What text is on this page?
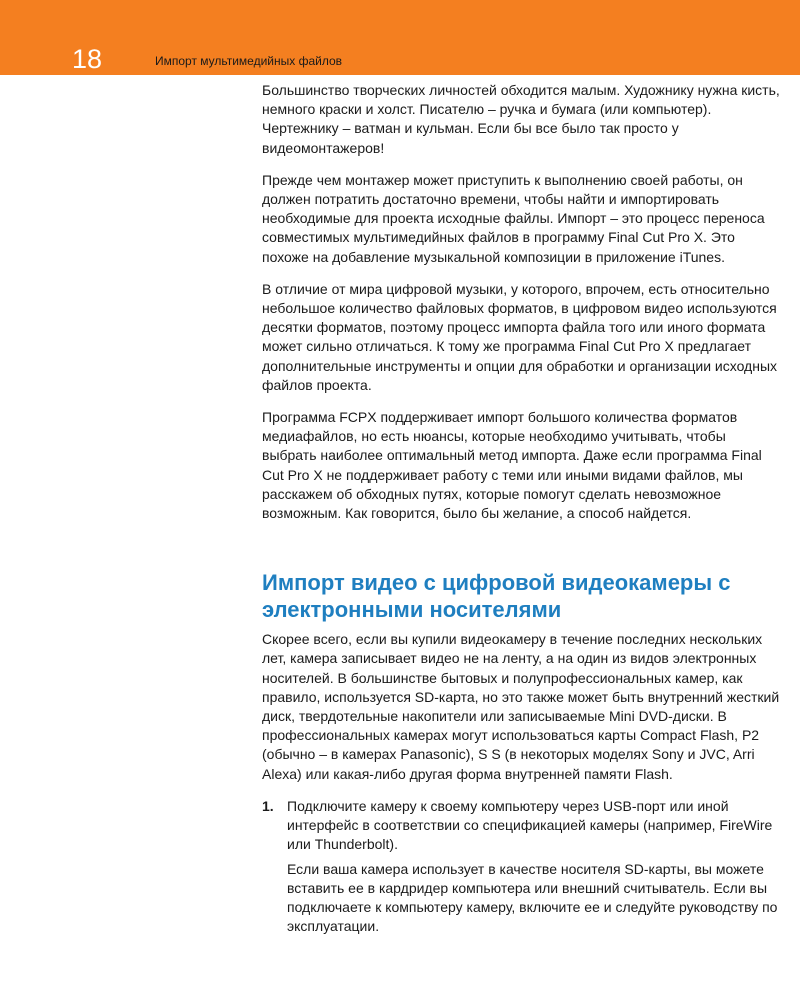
18	Импорт мультимедийных файлов

Большинство творческих личностей обходится малым. Художнику нужна кисть, немного краски и холст. Писателю – ручка и бумага (или компьютер). Чертежнику – ватман и кульман. Если бы все было так просто у видеомонтажеров!

Прежде чем монтажер может приступить к выполнению своей работы, он должен потратить достаточно времени, чтобы найти и импортировать необходимые для проекта исходные файлы. Импорт – это процесс переноса совместимых мультимедийных файлов в программу Final Cut Pro X. Это похоже на добавление музыкальной композиции в приложение iTunes.

В отличие от мира цифровой музыки, у которого, впрочем, есть относительно небольшое количество файловых форматов, в цифровом видео используются десятки форматов, поэтому процесс импорта файла того или иного формата может сильно отличаться. К тому же программа Final Cut Pro X предлагает дополнительные инструменты и опции для обработки и организации исходных файлов проекта.

Программа FCPX поддерживает импорт большого количества форматов медиафайлов, но есть нюансы, которые необходимо учитывать, чтобы выбрать наиболее оптимальный метод импорта. Даже если программа Final Cut Pro X не поддерживает работу с теми или иными видами файлов, мы расскажем об обходных путях, которые помогут сделать невозможное возможным. Как говорится, было бы желание, а способ найдется.

Импорт видео с цифровой видеокамеры с электронными носителями

Скорее всего, если вы купили видеокамеру в течение последних нескольких лет, камера записывает видео не на ленту, а на один из видов электронных носителей. В большинстве бытовых и полупрофессиональных камер, как правило, используется SD-карта, но это также может быть внутренний жесткий диск, твердотельные накопители или записываемые Mini DVD-диски. В профессиональных камерах могут использоваться карты Compact Flash, P2 (обычно – в камерах Panasonic), S S (в некоторых моделях Sony и JVC, Arri Alexa) или какая-либо другая форма внутренней памяти Flash.

1. Подключите камеру к своему компьютеру через USB-порт или иной интерфейс в соответствии со спецификацией камеры (например, FireWire или Thunderbolt).

Если ваша камера использует в качестве носителя SD-карты, вы можете вставить ее в кардридер компьютера или внешний считыватель. Если вы подключаете к компьютеру камеру, включите ее и следуйте руководству по эксплуатации.
